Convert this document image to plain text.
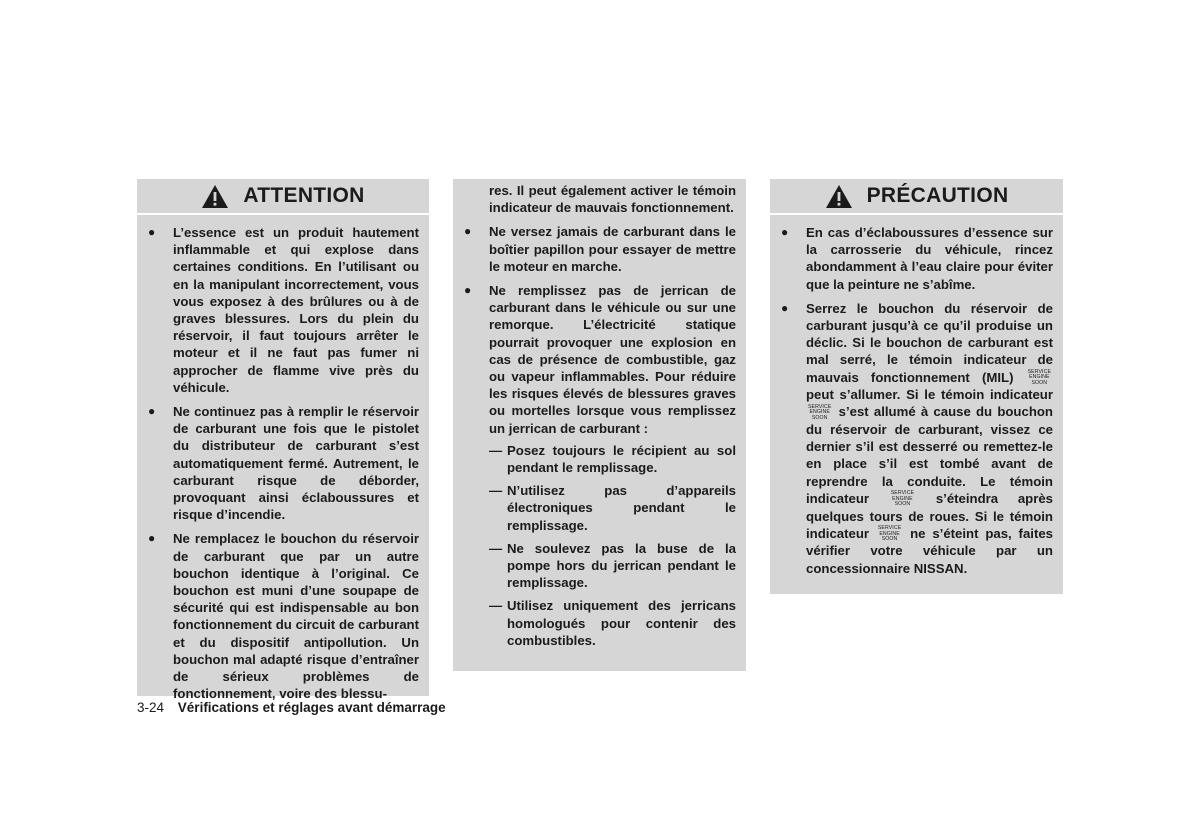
ATTENTION
● L’essence est un produit hautement inflammable et qui explose dans certaines conditions. En l’utilisant ou en la manipulant incorrectement, vous vous exposez à des brûlures ou à de graves blessures. Lors du plein du réservoir, il faut toujours arrêter le moteur et il ne faut pas fumer ni approcher de flamme vive près du véhicule.
● Ne continuez pas à remplir le réservoir de carburant une fois que le pistolet du distributeur de carburant s’est automatiquement fermé. Autrement, le carburant risque de déborder, provoquant ainsi éclaboussures et risque d’incendie.
● Ne remplacez le bouchon du réservoir de carburant que par un autre bouchon identique à l’original. Ce bouchon est muni d’une soupape de sécurité qui est indispensable au bon fonctionnement du circuit de carburant et du dispositif antipollution. Un bouchon mal adapté risque d’entraîner de sérieux problèmes de fonctionnement, voire des blessu-
res. Il peut également activer le témoin indicateur de mauvais fonctionnement.
● Ne versez jamais de carburant dans le boîtier papillon pour essayer de mettre le moteur en marche.
● Ne remplissez pas de jerrican de carburant dans le véhicule ou sur une remorque. L’électricité statique pourrait provoquer une explosion en cas de présence de combustible, gaz ou vapeur inflammables. Pour réduire les risques élevés de blessures graves ou mortelles lorsque vous remplissez un jerrican de carburant :
— Posez toujours le récipient au sol pendant le remplissage.
— N’utilisez pas d’appareils électroniques pendant le remplissage.
— Ne soulevez pas la buse de la pompe hors du jerrican pendant le remplissage.
— Utilisez uniquement des jerricans homologués pour contenir des combustibles.
PRÉCAUTION
● En cas d’éclaboussures d’essence sur la carrosserie du véhicule, rincez abondamment à l’eau claire pour éviter que la peinture ne s’abîme.
● Serrez le bouchon du réservoir de carburant jusqu’à ce qu’il produise un déclic. Si le bouchon de carburant est mal serré, le témoin indicateur de mauvais fonctionnement (MIL)	SERVICE
ENGINE
SOON peut s’allumer. Si le témoin indicateur SERVICE
ENGINE
SOON s’est allumé à cause du bouchon du réservoir de carburant, vissez ce dernier s’il est desserré ou remettez-le en place s’il est tombé avant de reprendre la conduite. Le témoin indicateur	SERVICE
ENGINE
SOON s’éteindra après quelques tours de roues. Si le témoin indicateur SERVICE
ENGINE
SOON ne s’éteint pas, faites vérifier votre véhicule par un concessionnaire NISSAN.
3-24 Vérifications et réglages avant démarrage
